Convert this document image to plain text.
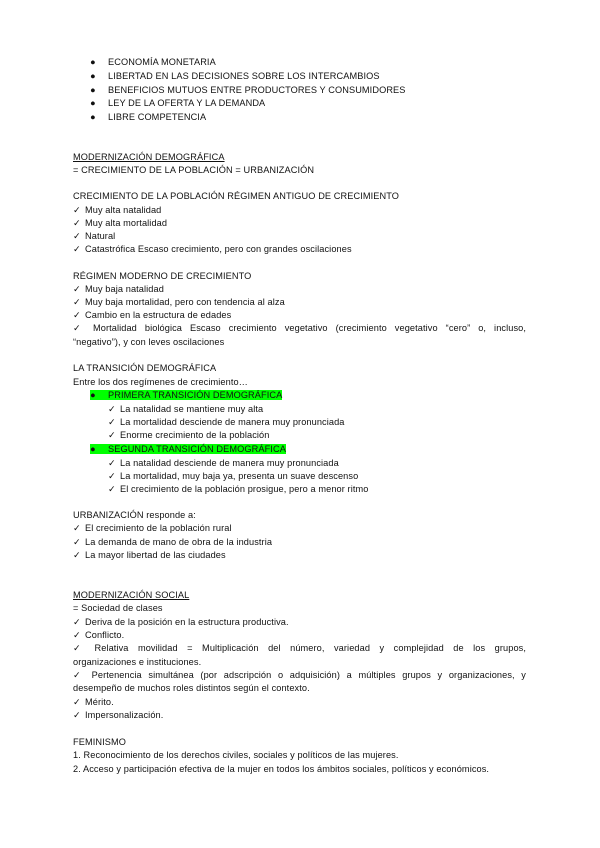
● ECONOMÍA MONETARIA
● LIBERTAD EN LAS DECISIONES SOBRE LOS INTERCAMBIOS
● BENEFICIOS MUTUOS ENTRE PRODUCTORES Y CONSUMIDORES
● LEY DE LA OFERTA Y LA DEMANDA
● LIBRE COMPETENCIA
MODERNIZACIÓN DEMOGRÁFICA
= CRECIMIENTO DE LA POBLACIÓN = URBANIZACIÓN
CRECIMIENTO DE LA POBLACIÓN RÉGIMEN ANTIGUO DE CRECIMIENTO
✓ Muy alta natalidad
✓ Muy alta mortalidad
✓ Natural
✓ Catastrófica Escaso crecimiento, pero con grandes oscilaciones
RÉGIMEN MODERNO DE CRECIMIENTO
✓ Muy baja natalidad
✓ Muy baja mortalidad, pero con tendencia al alza
✓ Cambio en la estructura de edades
✓ Mortalidad biológica Escaso crecimiento vegetativo (crecimiento vegetativo “cero” o, incluso,
“negativo”), y con leves oscilaciones
LA TRANSICIÓN DEMOGRÁFICA
Entre los dos regímenes de crecimiento…
● PRIMERA TRANSICIÓN DEMOGRÁFICA
✓ La natalidad se mantiene muy alta
✓ La mortalidad desciende de manera muy pronunciada
✓ Enorme crecimiento de la población
● SEGUNDA TRANSICIÓN DEMOGRÁFICA
✓ La natalidad desciende de manera muy pronunciada
✓ La mortalidad, muy baja ya, presenta un suave descenso
✓ El crecimiento de la población prosigue, pero a menor ritmo
URBANIZACIÓN responde a:
✓ El crecimiento de la población rural
✓ La demanda de mano de obra de la industria
✓ La mayor libertad de las ciudades
MODERNIZACIÓN SOCIAL
= Sociedad de clases
✓ Deriva de la posición en la estructura productiva.
✓ Conflicto.
✓ Relativa movilidad = Multiplicación del número, variedad y complejidad de los grupos,
organizaciones e instituciones.
✓ Pertenencia simultánea (por adscripción o adquisición) a múltiples grupos y organizaciones, y
desempeño de muchos roles distintos según el contexto.
✓ Mérito.
✓ Impersonalización.
FEMINISMO
1. Reconocimiento de los derechos civiles, sociales y políticos de las mujeres.
2. Acceso y participación efectiva de la mujer en todos los ámbitos sociales, políticos y económicos.
